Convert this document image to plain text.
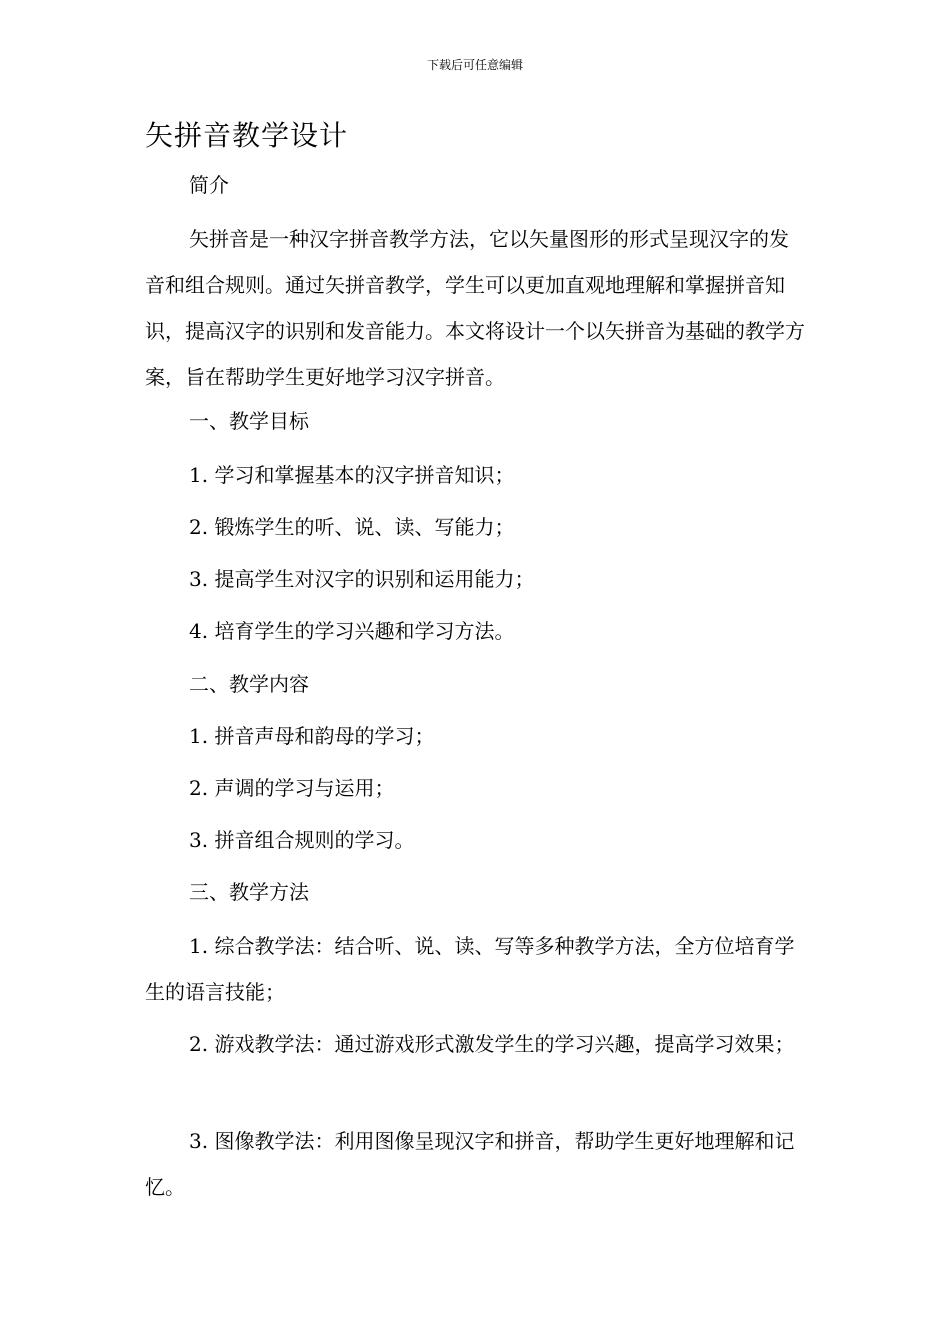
下载后可任意编辑
矢拼音教学设计

简介

矢拼音是一种汉字拼音教学方法，它以矢量图形的形式呈现汉字的发音和组合规则。通过矢拼音教学，学生可以更加直观地理解和掌握拼音知识，提高汉字的识别和发音能力。本文将设计一个以矢拼音为基础的教学方案，旨在帮助学生更好地学习汉字拼音。

一、教学目标

1. 学习和掌握基本的汉字拼音知识；

2. 锻炼学生的听、说、读、写能力；

3. 提高学生对汉字的识别和运用能力；

4. 培育学生的学习兴趣和学习方法。

二、教学内容

1. 拼音声母和韵母的学习；

2. 声调的学习与运用；

3. 拼音组合规则的学习。

三、教学方法

1. 综合教学法：结合听、说、读、写等多种教学方法，全方位培育学生的语言技能；

2. 游戏教学法：通过游戏形式激发学生的学习兴趣，提高学习效果；

3. 图像教学法：利用图像呈现汉字和拼音，帮助学生更好地理解和记忆。
